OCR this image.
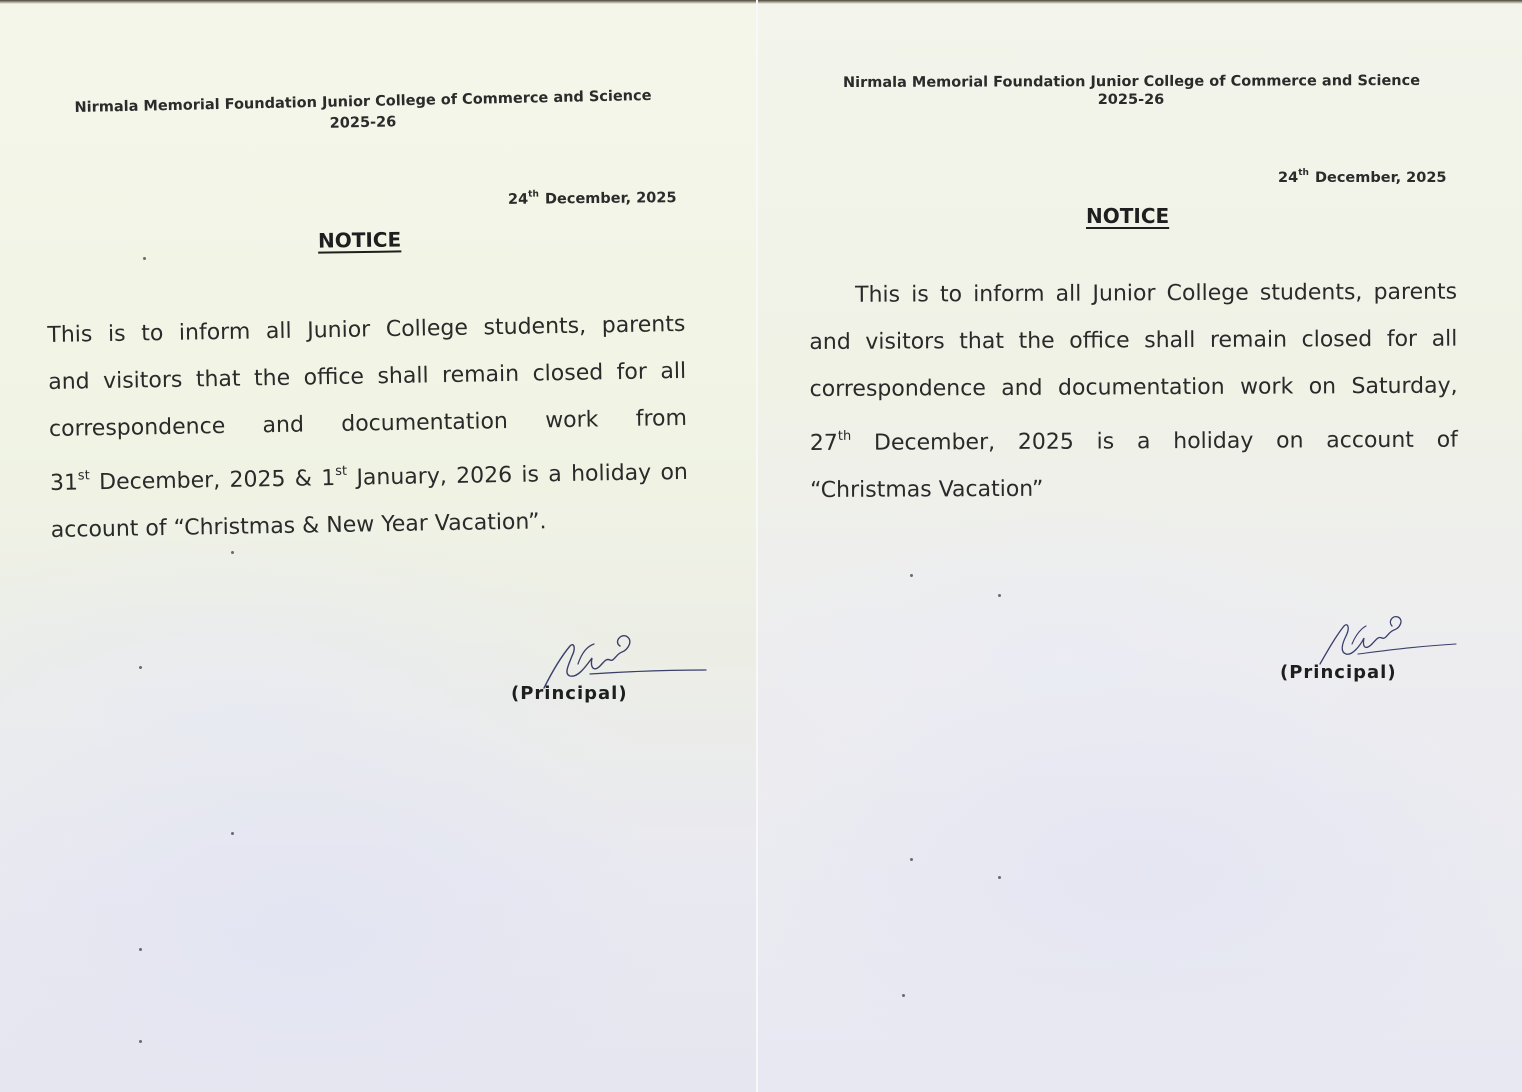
Nirmala Memorial Foundation Junior College of Commerce and Science

2025-26

24th December, 2025

NOTICE

This is to inform all Junior College students, parents
and visitors that the office shall remain closed for all
correspondence and documentation work from
31st December, 2025 & 1st January, 2026 is a holiday on
account of “Christmas & New Year Vacation”.

(Principal)

Nirmala Memorial Foundation Junior College of Commerce and Science

2025-26

24th December, 2025

NOTICE

This is to inform all Junior College students, parents
and visitors that the office shall remain closed for all
correspondence and documentation work on Saturday,
27th December, 2025 is a holiday on account of
“Christmas Vacation”

(Principal)
